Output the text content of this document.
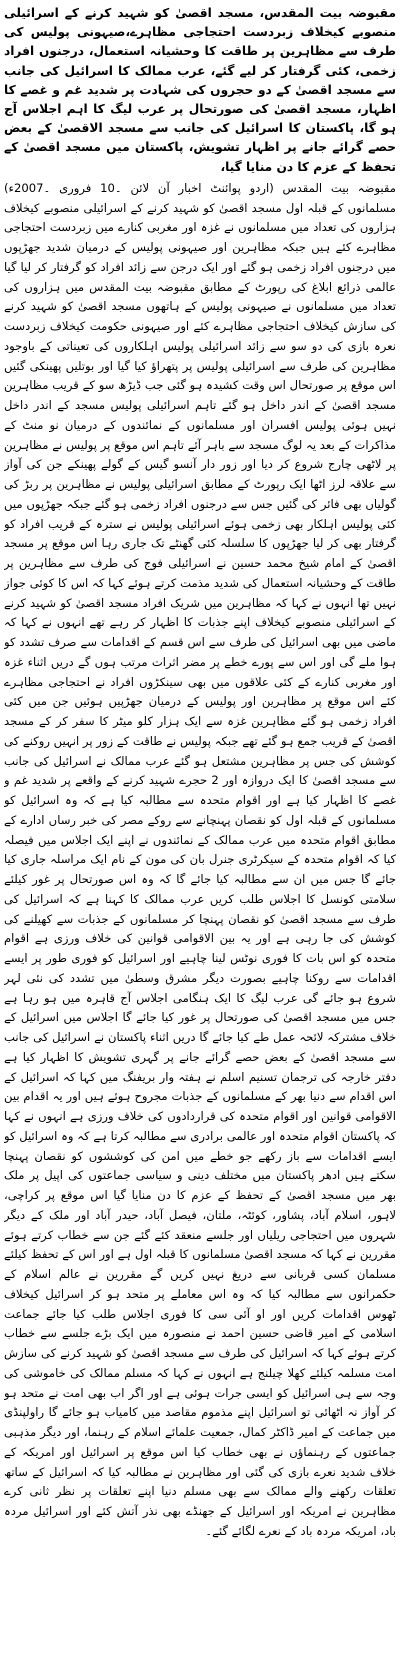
مقبوضہ بیت المقدس، مسجد اقصیٰ کو شہید کرنے کے اسرائیلی منصوبے کیخلاف زبردست احتجاجی مظاہرے،صیہونی پولیس کی طرف سے مظاہرین پر طاقت کا وحشیانہ استعمال، درجنوں افراد زخمی، کئی گرفتار کر لیے گئے، عرب ممالک کا اسرائیل کی جانب سے مسجد اقصیٰ کے دو حجروں کی شہادت پر شدید غم و غصے کا اظہار، مسجد اقصیٰ کی صورتحال پر عرب لیگ کا اہم اجلاس آج ہو گا، پاکستان کا اسرائیل کی جانب سے مسجد الاقصیٰ کے بعض حصے گرائے جانے پر اظہار تشویش، پاکستان میں مسجد اقصیٰ کے تحفظ کے عزم کا دن منایا گیا،

مقبوضہ بیت المقدس (اردو پوائنٹ اخبار آن لائن ۔10 فروری ۔2007ء) مسلمانوں کے قبلہ اول مسجد اقصیٰ کو شہید کرنے کے اسرائیلی منصوبے کیخلاف ہزاروں کی تعداد میں مسلمانوں نے غزہ اور مغربی کنارے میں زبردست احتجاجی مظاہرے کئے ہیں جبکہ مظاہرین اور صیہونی پولیس کے درمیان شدید جھڑپوں میں درجنوں افراد زخمی ہو گئے اور ایک درجن سے زائد افراد کو گرفتار کر لیا گیا عالمی ذرائع ابلاغ کی رپورٹ کے مطابق مقبوضہ بیت المقدس میں ہزاروں کی تعداد میں مسلمانوں نے صیہونی پولیس کے ہاتھوں مسجد اقصیٰ کو شہید کرنے کی سازش کیخلاف احتجاجی مظاہرے کئے اور صیہونی حکومت کیخلاف زبردست نعرہ بازی کی دو سو سے زائد اسرائیلی پولیس اہلکاروں کی تعیناتی کے باوجود مظاہرین کی طرف سے اسرائیلی پولیس پر پتھراؤ کیا گیا اور بوتلیں پھینکی گئیں اس موقع پر صورتحال اس وقت کشیدہ ہو گئی جب ڈیڑھ سو کے قریب مظاہرین مسجد اقصیٰ کے اندر داخل ہو گئے تاہم اسرائیلی پولیس مسجد کے اندر داخل نہیں ہوئی پولیس افسران اور مسلمانوں کے نمائندوں کے درمیان نو منٹ کے مذاکرات کے بعد یہ لوگ مسجد سے باہر آئے تاہم اس موقع پر پولیس نے مظاہرین پر لاٹھی چارج شروع کر دیا اور زور دار آنسو گیس کے گولے پھینکے جن کی آواز سے علاقہ لرز اٹھا ایک رپورٹ کے مطابق اسرائیلی پولیس نے مظاہرین پر ربڑ کی گولیاں بھی فائر کی گئیں جس سے درجنوں افراد زخمی ہو گئے جبکہ جھڑپوں میں کئی پولیس اہلکار بھی زخمی ہوئے اسرائیلی پولیس نے سترہ کے قریب افراد کو گرفتار بھی کر لیا جھڑپوں کا سلسلہ کئی گھنٹے تک جاری رہا اس موقع پر مسجد اقصیٰ کے امام شیخ محمد حسین نے اسرائیلی فوج کی طرف سے مظاہرین پر طاقت کے وحشیانہ استعمال کی شدید مذمت کرتے ہوئے کہا کہ اس کا کوئی جواز نہیں تھا انہوں نے کہا کہ مظاہرین میں شریک افراد مسجد اقصیٰ کو شہید کرنے کے اسرائیلی منصوبے کیخلاف اپنے جذبات کا اظہار کر رہے تھے انہوں نے کہا کہ ماضی میں بھی اسرائیل کی طرف سے اس قسم کے اقدامات سے صرف تشدد کو ہوا ملے گی اور اس سے پورے خطے پر مضر اثرات مرتب ہوں گے دریں اثناء غزہ اور مغربی کنارے کے کئی علاقوں میں بھی سینکڑوں افراد نے احتجاجی مظاہرے کئے اس موقع پر مظاہرین اور پولیس کے درمیان جھڑپیں ہوئیں جن میں کئی افراد زخمی ہو گئے مظاہرین غزہ سے ایک ہزار کلو میٹر کا سفر کر کے مسجد اقصیٰ کے قریب جمع ہو گئے تھے جبکہ پولیس نے طاقت کے زور پر انہیں روکنے کی کوشش کی جس پر مظاہرین مشتعل ہو گئے عرب ممالک نے اسرائیل کی جانب سے مسجد اقصیٰ کا ایک دروازہ اور 2 حجرے شہید کرنے کے واقعے پر شدید غم و غصے کا اظہار کیا ہے اور اقوام متحدہ سے مطالبہ کیا ہے کہ وہ اسرائیل کو مسلمانوں کے قبلہ اول کو نقصان پہنچانے سے روکے مصر کی خبر رساں ادارے کے مطابق اقوام متحدہ میں عرب ممالک کے نمائندوں نے اپنے ایک اجلاس میں فیصلہ کیا کہ اقوام متحدہ کے سیکرٹری جنرل بان کی مون کے نام ایک مراسلہ جاری کیا جائے گا جس میں ان سے مطالبہ کیا جائے گا کہ وہ اس صورتحال پر غور کیلئے سلامتی کونسل کا اجلاس طلب کریں عرب ممالک کا کہنا ہے کہ اسرائیل کی طرف سے مسجد اقصیٰ کو نقصان پہنچا کر مسلمانوں کے جذبات سے کھیلنے کی کوشش کی جا رہی ہے اور یہ بین الاقوامی قوانین کی خلاف ورزی ہے اقوام متحدہ کو اس بات کا فوری نوٹس لینا چاہیے اور اسرائیل کو فوری طور پر ایسے اقدامات سے روکنا چاہیے بصورت دیگر مشرق وسطیٰ میں تشدد کی نئی لہر شروع ہو جائے گی عرب لیگ کا ایک ہنگامی اجلاس آج قاہرہ میں ہو رہا ہے جس میں مسجد اقصیٰ کی صورتحال پر غور کیا جائے گا اجلاس میں اسرائیل کے خلاف مشترکہ لائحہ عمل طے کیا جائے گا دریں اثناء پاکستان نے اسرائیل کی جانب سے مسجد اقصیٰ کے بعض حصے گرائے جانے پر گہری تشویش کا اظہار کیا ہے دفتر خارجہ کی ترجمان تسنیم اسلم نے ہفتہ وار بریفنگ میں کہا کہ اسرائیل کے اس اقدام سے دنیا بھر کے مسلمانوں کے جذبات مجروح ہوئے ہیں اور یہ اقدام بین الاقوامی قوانین اور اقوام متحدہ کی قراردادوں کی خلاف ورزی ہے انہوں نے کہا کہ پاکستان اقوام متحدہ اور عالمی برادری سے مطالبہ کرتا ہے کہ وہ اسرائیل کو ایسے اقدامات سے باز رکھے جو خطے میں امن کی کوششوں کو نقصان پہنچا سکتے ہیں ادھر پاکستان میں مختلف دینی و سیاسی جماعتوں کی اپیل پر ملک بھر میں مسجد اقصیٰ کے تحفظ کے عزم کا دن منایا گیا اس موقع پر کراچی، لاہور، اسلام آباد، پشاور، کوئٹہ، ملتان، فیصل آباد، حیدر آباد اور ملک کے دیگر شہروں میں احتجاجی ریلیاں اور جلسے منعقد کئے گئے جن سے خطاب کرتے ہوئے مقررین نے کہا کہ مسجد اقصیٰ مسلمانوں کا قبلہ اول ہے اور اس کے تحفظ کیلئے مسلمان کسی قربانی سے دریغ نہیں کریں گے مقررین نے عالم اسلام کے حکمرانوں سے مطالبہ کیا کہ وہ اس معاملے پر متحد ہو کر اسرائیل کیخلاف ٹھوس اقدامات کریں اور او آئی سی کا فوری اجلاس طلب کیا جائے جماعت اسلامی کے امیر قاضی حسین احمد نے منصورہ میں ایک بڑے جلسے سے خطاب کرتے ہوئے کہا کہ اسرائیل کی طرف سے مسجد اقصیٰ کو شہید کرنے کی سازش امت مسلمہ کیلئے کھلا چیلنج ہے انہوں نے کہا کہ مسلم ممالک کی خاموشی کی وجہ سے ہی اسرائیل کو ایسی جرات ہوئی ہے اور اگر اب بھی امت نے متحد ہو کر آواز نہ اٹھائی تو اسرائیل اپنے مذموم مقاصد میں کامیاب ہو جائے گا راولپنڈی میں جماعت کے امیر ڈاکٹر کمال، جمعیت علمائے اسلام کے رہنما، اور دیگر مذہبی جماعتوں کے رہنماؤں نے بھی خطاب کیا اس موقع پر اسرائیل اور امریکہ کے خلاف شدید نعرے بازی کی گئی اور مظاہرین نے مطالبہ کیا کہ اسرائیل کے ساتھ تعلقات رکھنے والے ممالک سے بھی مسلم دنیا اپنے تعلقات پر نظر ثانی کرے مظاہرین نے امریکہ اور اسرائیل کے جھنڈے بھی نذر آتش کئے اور اسرائیل مردہ باد، امریکہ مردہ باد کے نعرے لگائے گئے۔
